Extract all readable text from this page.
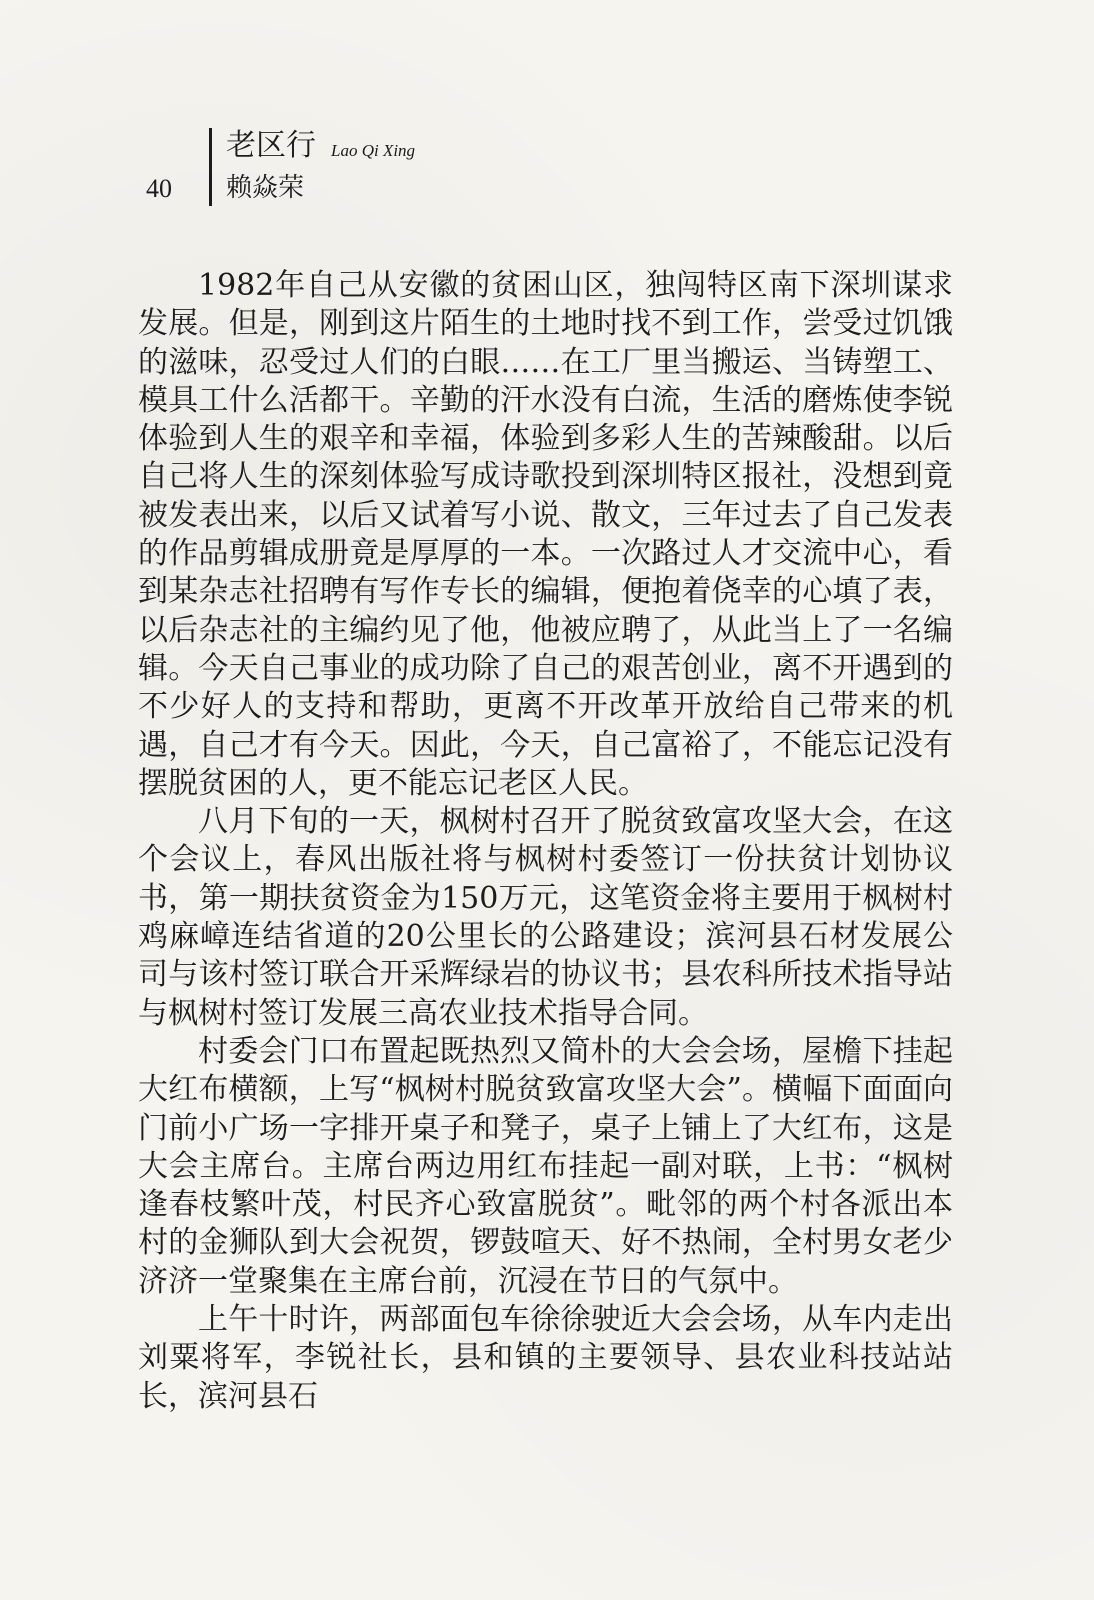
40
老区行 Lao Qi Xing
赖焱荣

1982年自己从安徽的贫困山区，独闯特区南下深圳谋求发展。但是，刚到这片陌生的土地时找不到工作，尝受过饥饿的滋味，忍受过人们的白眼……在工厂里当搬运、当铸塑工、模具工什么活都干。辛勤的汗水没有白流，生活的磨炼使李锐体验到人生的艰辛和幸福，体验到多彩人生的苦辣酸甜。以后自己将人生的深刻体验写成诗歌投到深圳特区报社，没想到竟被发表出来，以后又试着写小说、散文，三年过去了自己发表的作品剪辑成册竟是厚厚的一本。一次路过人才交流中心，看到某杂志社招聘有写作专长的编辑，便抱着侥幸的心填了表，以后杂志社的主编约见了他，他被应聘了，从此当上了一名编辑。今天自己事业的成功除了自己的艰苦创业，离不开遇到的不少好人的支持和帮助，更离不开改革开放给自己带来的机遇，自己才有今天。因此，今天，自己富裕了，不能忘记没有摆脱贫困的人，更不能忘记老区人民。

八月下旬的一天，枫树村召开了脱贫致富攻坚大会，在这个会议上，春风出版社将与枫树村委签订一份扶贫计划协议书，第一期扶贫资金为150万元，这笔资金将主要用于枫树村鸡麻嶂连结省道的20公里长的公路建设；滨河县石材发展公司与该村签订联合开采辉绿岩的协议书；县农科所技术指导站与枫树村签订发展三高农业技术指导合同。

村委会门口布置起既热烈又简朴的大会会场，屋檐下挂起大红布横额，上写“枫树村脱贫致富攻坚大会”。横幅下面面向门前小广场一字排开桌子和凳子，桌子上铺上了大红布，这是大会主席台。主席台两边用红布挂起一副对联，上书：“枫树逢春枝繁叶茂，村民齐心致富脱贫”。毗邻的两个村各派出本村的金狮队到大会祝贺，锣鼓喧天、好不热闹，全村男女老少济济一堂聚集在主席台前，沉浸在节日的气氛中。

上午十时许，两部面包车徐徐驶近大会会场，从车内走出刘粟将军，李锐社长，县和镇的主要领导、县农业科技站站长，滨河县石
